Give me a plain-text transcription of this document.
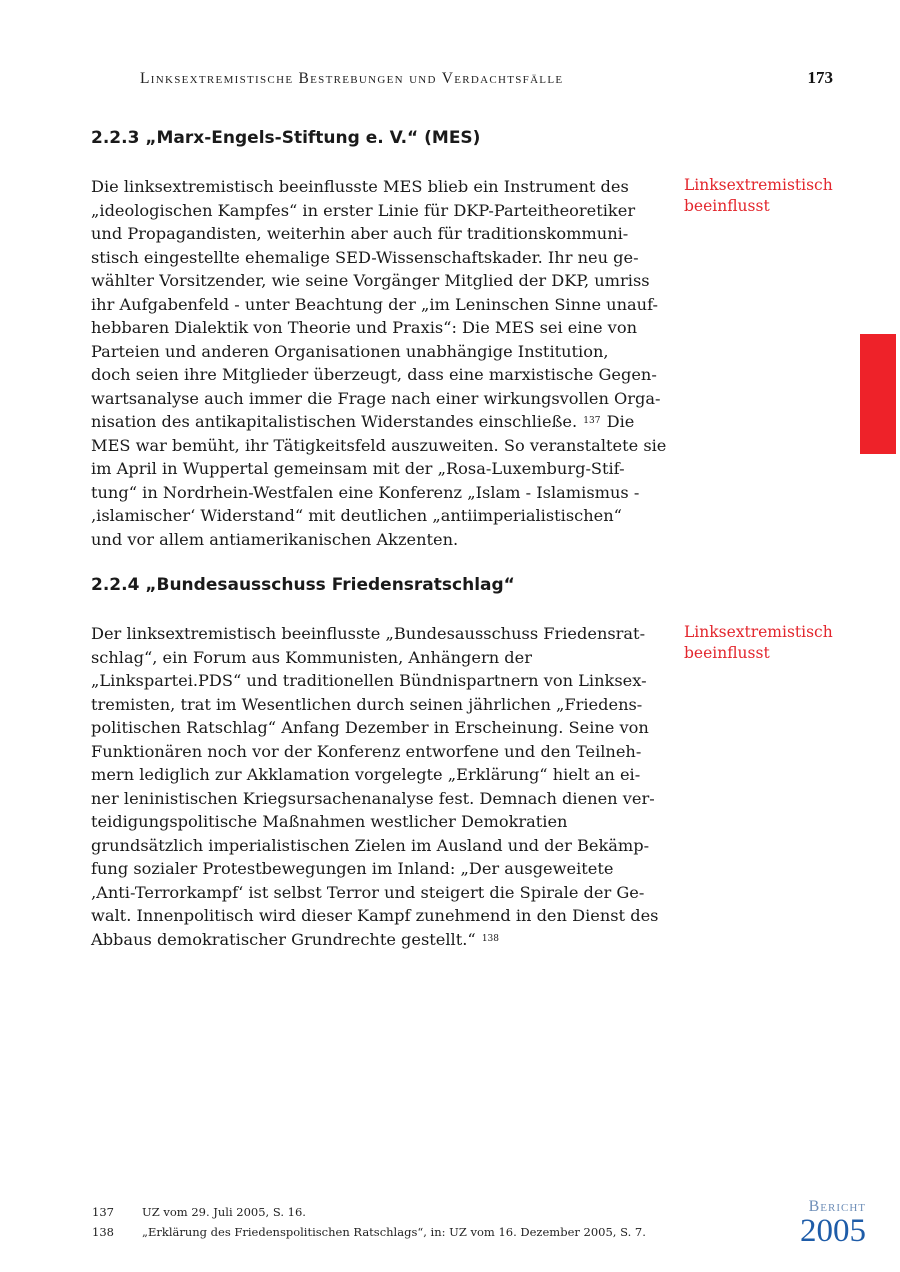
Linksextremistische Bestrebungen und Verdachtsfälle	173
2.2.3 „Marx-Engels-Stiftung e. V.“ (MES)
Linksextremistisch
beeinflusst
Die linksextremistisch beeinflusste MES blieb ein Instrument des
„ideologischen Kampfes“ in erster Linie für DKP-Parteitheoretiker
und Propagandisten, weiterhin aber auch für traditionskommuni-
stisch eingestellte ehemalige SED-Wissenschaftskader. Ihr neu ge-
wählter Vorsitzender, wie seine Vorgänger Mitglied der DKP, umriss
ihr Aufgabenfeld - unter Beachtung der „im Leninschen Sinne unauf-
hebbaren Dialektik von Theorie und Praxis“: Die MES sei eine von
Parteien und anderen Organisationen unabhängige Institution,
doch seien ihre Mitglieder überzeugt, dass eine marxistische Gegen-
wartsanalyse auch immer die Frage nach einer wirkungsvollen Orga-
nisation des antikapitalistischen Widerstandes einschließe. $^{137}$ Die
MES war bemüht, ihr Tätigkeitsfeld auszuweiten. So veranstaltete sie
im April in Wuppertal gemeinsam mit der „Rosa-Luxemburg-Stif-
tung“ in Nordrhein-Westfalen eine Konferenz „Islam - Islamismus -
‚islamischer‘ Widerstand“ mit deutlichen „antiimperialistischen“
und vor allem antiamerikanischen Akzenten.
2.2.4 „Bundesausschuss Friedensratschlag“
Linksextremistisch
beeinflusst
Der linksextremistisch beeinflusste „Bundesausschuss Friedensrat-
schlag“, ein Forum aus Kommunisten, Anhängern der
„Linkspartei.PDS“ und traditionellen Bündnispartnern von Linksex-
tremisten, trat im Wesentlichen durch seinen jährlichen „Friedens-
politischen Ratschlag“ Anfang Dezember in Erscheinung. Seine von
Funktionären noch vor der Konferenz entworfene und den Teilneh-
mern lediglich zur Akklamation vorgelegte „Erklärung“ hielt an ei-
ner leninistischen Kriegsursachenanalyse fest. Demnach dienen ver-
teidigungspolitische Maßnahmen westlicher Demokratien
grundsätzlich imperialistischen Zielen im Ausland und der Bekämp-
fung sozialer Protestbewegungen im Inland: „Der ausgeweitete
‚Anti-Terrorkampf‘ ist selbst Terror und steigert die Spirale der Ge-
walt. Innenpolitisch wird dieser Kampf zunehmend in den Dienst des
Abbaus demokratischer Grundrechte gestellt.“ $^{138}$
137 UZ vom 29. Juli 2005, S. 16.
138 „Erklärung des Friedenspolitischen Ratschlags“, in: UZ vom 16. Dezember 2005, S. 7.
Bericht
2005
